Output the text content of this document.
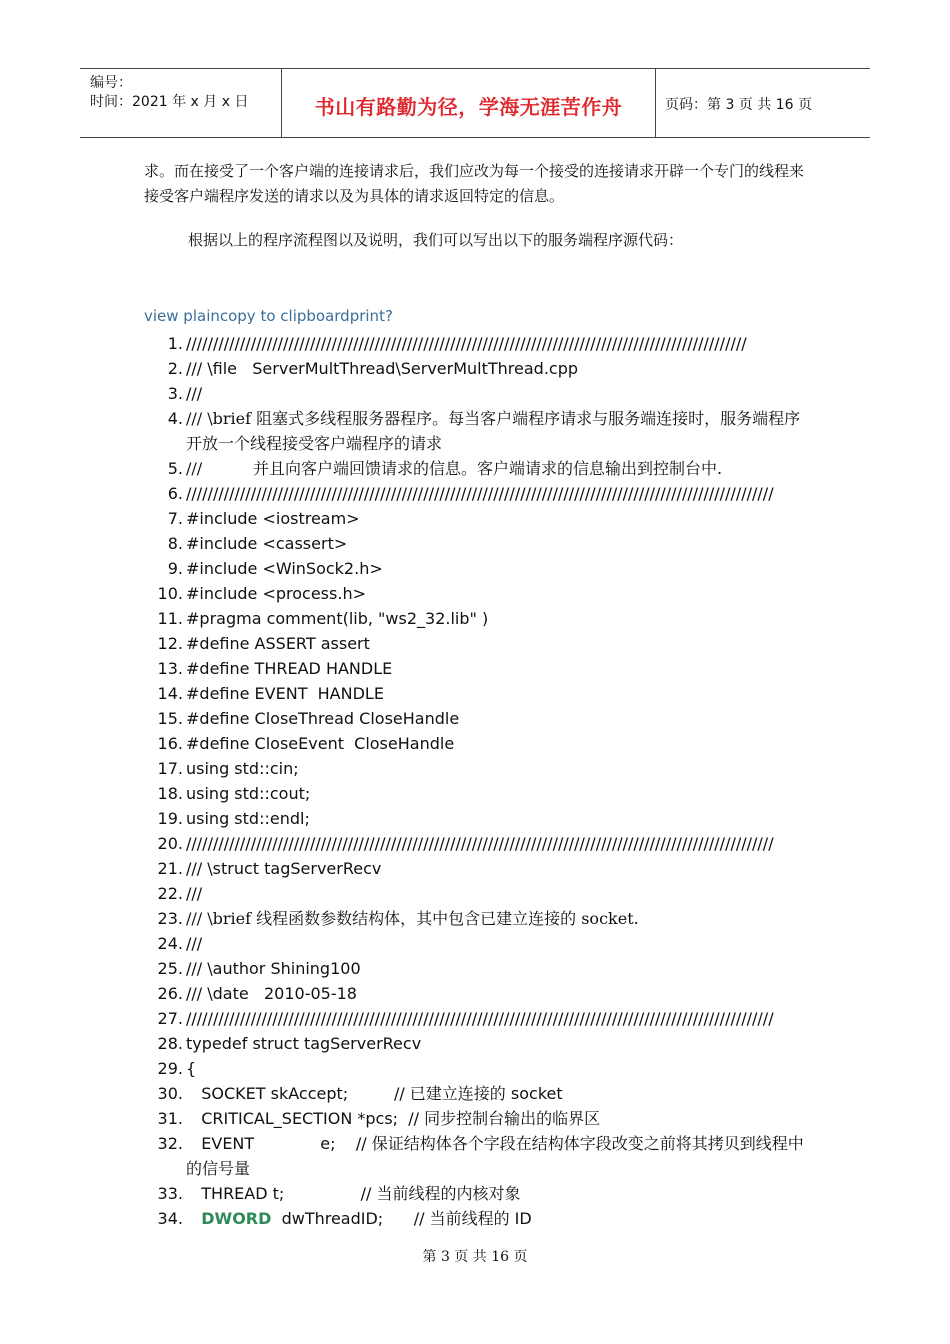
编号：
时间：2021 年 x 月 x 日	书山有路勤为径，学海无涯苦作舟	页码：第 3 页 共 16 页
求。而在接受了一个客户端的连接请求后，我们应改为每一个接受的连接请求开辟一个专门的线程来接受客户端程序发送的请求以及为具体的请求返回特定的信息。
根据以上的程序流程图以及说明，我们可以写出以下的服务端程序源代码：
view plaincopy to clipboardprint?
1. ////////////////////////////////////////////////////////////////////////////////////////////////////////
2. /// \file   ServerMultThread\ServerMultThread.cpp
3. ///
4. /// \brief 阻塞式多线程服务器程序。每当客户端程序请求与服务端连接时，服务端程序开放一个线程接受客户端程序的请求
5. ///          并且向客户端回馈请求的信息。客户端请求的信息输出到控制台中.
6. /////////////////////////////////////////////////////////////////////////////////////////////////////////////
7. #include <iostream>
8. #include <cassert>
9. #include <WinSock2.h>
10. #include <process.h>
11. #pragma comment(lib, "ws2_32.lib" )
12. #define ASSERT assert
13. #define THREAD HANDLE
14. #define EVENT  HANDLE
15. #define CloseThread CloseHandle
16. #define CloseEvent  CloseHandle
17. using std::cin;
18. using std::cout;
19. using std::endl;
20. /////////////////////////////////////////////////////////////////////////////////////////////////////////////
21. /// \struct tagServerRecv
22. ///
23. /// \brief 线程函数参数结构体，其中包含已建立连接的 socket.
24. ///
25. /// \author Shining100
26. /// \date   2010-05-18
27. /////////////////////////////////////////////////////////////////////////////////////////////////////////////
28. typedef struct tagServerRecv
29. {
30. SOCKET skAccept;         // 已建立连接的 socket
31. CRITICAL_SECTION *pcs;  // 同步控制台输出的临界区
32. EVENT             e;    // 保证结构体各个字段在结构体字段改变之前将其拷贝到线程中的信号量
33. THREAD t;               // 当前线程的内核对象
34.	DWORD  dwThreadID;      // 当前线程的 ID
第 3 页 共 16 页
